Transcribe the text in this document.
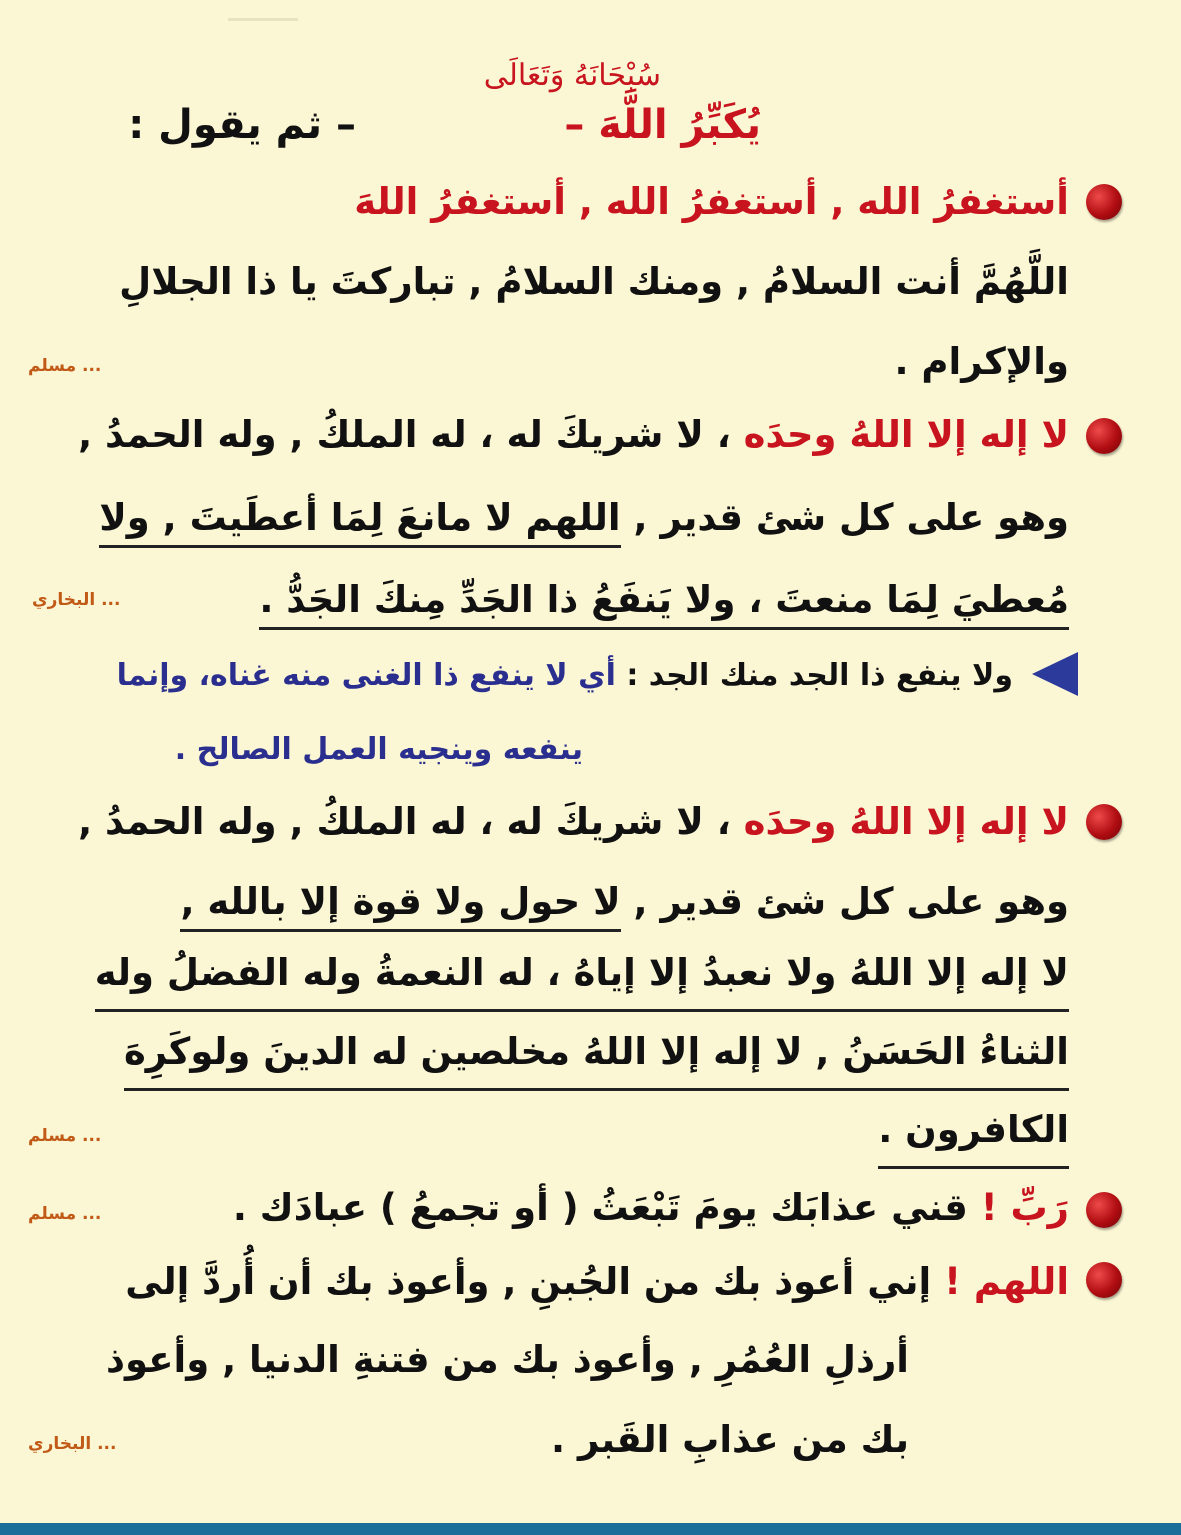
سُبْحَانَهُ وَتَعَالَى
يُكَبِّرُ اللَّهَ –
– ثم يقول :
أستغفرُ الله , أستغفرُ الله , أستغفرُ اللهَ
اللَّهُمَّ أنت السلامُ , ومنك السلامُ , تباركتَ يا ذا الجلالِ
والإكرام .
... مسلم
لا إله إلا اللهُ وحدَه ، لا شريكَ له ، له الملكُ , وله الحمدُ ,
وهو على كل شئ قدير , اللهم لا مانعَ لِمَا أعطَيتَ , ولا
مُعطيَ لِمَا منعتَ ، ولا يَنفَعُ ذا الجَدِّ مِنكَ الجَدُّ .
... البخاري
ولا ينفع ذا الجد منك الجد : أي لا ينفع ذا الغنى منه غناه، وإنما
ينفعه وينجيه العمل الصالح .
لا إله إلا اللهُ وحدَه ، لا شريكَ له ، له الملكُ , وله الحمدُ ,
وهو على كل شئ قدير , لا حول ولا قوة إلا بالله ,
لا إله إلا اللهُ ولا نعبدُ إلا إياهُ ، له النعمةُ وله الفضلُ وله
الثناءُ الحَسَنُ , لا إله إلا اللهُ مخلصين له الدينَ ولوكَرِهَ
الكافرون .
... مسلم
رَبِّ ! قني عذابَك يومَ تَبْعَثُ ( أو تجمعُ ) عبادَك .
... مسلم
اللهم ! إني أعوذ بك من الجُبنِ , وأعوذ بك أن أُردَّ إلى
أرذلِ العُمُرِ , وأعوذ بك من فتنةِ الدنيا , وأعوذ
بك من عذابِ القَبر .
... البخاري
